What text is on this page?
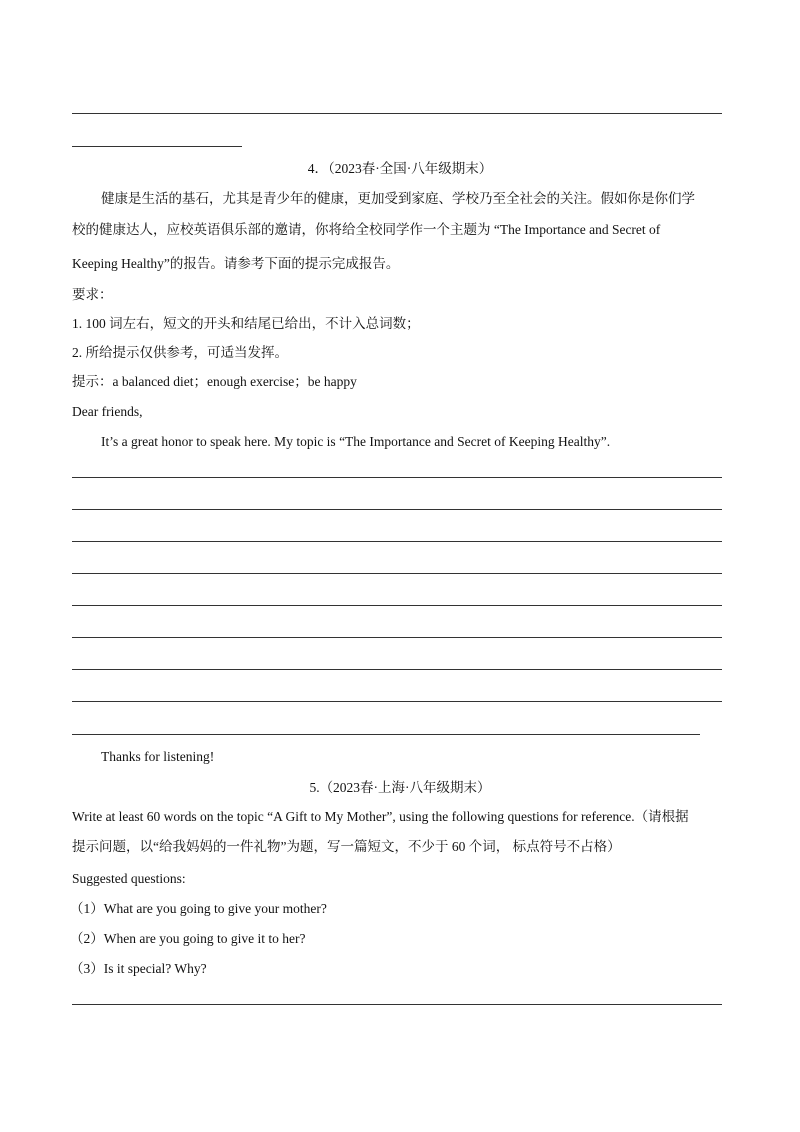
4．（2023春·全国·八年级期末）
健康是生活的基石，尤其是青少年的健康，更加受到家庭、学校乃至全社会的关注。假如你是你们学
校的健康达人，应校英语俱乐部的邀请，你将给全校同学作一个主题为 “The Importance and Secret of
Keeping Healthy”的报告。请参考下面的提示完成报告。
要求：
1. 100 词左右，短文的开头和结尾已给出，不计入总词数；
2. 所给提示仅供参考，可适当发挥。
提示：a balanced diet；enough exercise；be happy
Dear friends,
It’s a great honor to speak here. My topic is “The Importance and Secret of Keeping Healthy”.
Thanks for listening!
5.（2023春·上海·八年级期末）
Write at least 60 words on the topic “A Gift to My Mother”, using the following questions for reference.（请根据
提示问题，以“给我妈妈的一件礼物”为题，写一篇短文，不少于 60 个词， 标点符号不占格）
Suggested questions:
（1）What are you going to give your mother?
（2）When are you going to give it to her?
（3）Is it special? Why?
